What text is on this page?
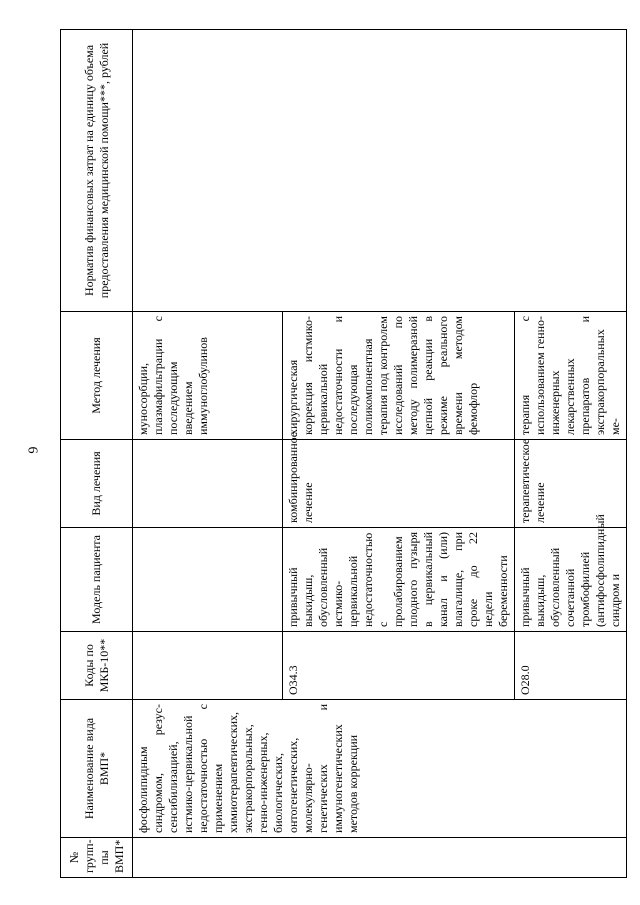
6
№ групп-пы ВМП*	Наименование вида ВМП*	Коды по МКБ-10**	Модель пациента	Вид лечения	Метод лечения	Норматив финансовых затрат на единицу объема предоставления медицинской помощи***, рублей
	фосфолипидным синдромом, резус-сенсибилизацией, истмико-цервикальной недостаточностью с применением химиотерапевтических, экстракорпоральных, генно-инженерных, биологических, онтогенетических, молекулярно-генетических и иммуногенетических методов коррекции				муносорбции, плазмафильтрации с последующим введением иммуноглобулинов	
		O34.3	привычный выкидыш, обусловленный истмико-цервикальной недостаточностью с пролабированием плодного пузыря в цервикальный канал и (или) влагалище, при сроке до 22 недели беременности	комбинированное лечение	хирургическая коррекция истмико-цервикальной недостаточности и последующая поликомпонентная терапия под контролем исследований по методу полимеразной цепной реакции в режиме реального времени методом фемофлор	
		O28.0	привычный выкидыш, обусловленный сочетанной тромбофилией (антифосфолипидный синдром и	терапевтическое лечение	терапия с использованием генно-инженерных лекарственных препаратов и экстракорпоральных ме-	
